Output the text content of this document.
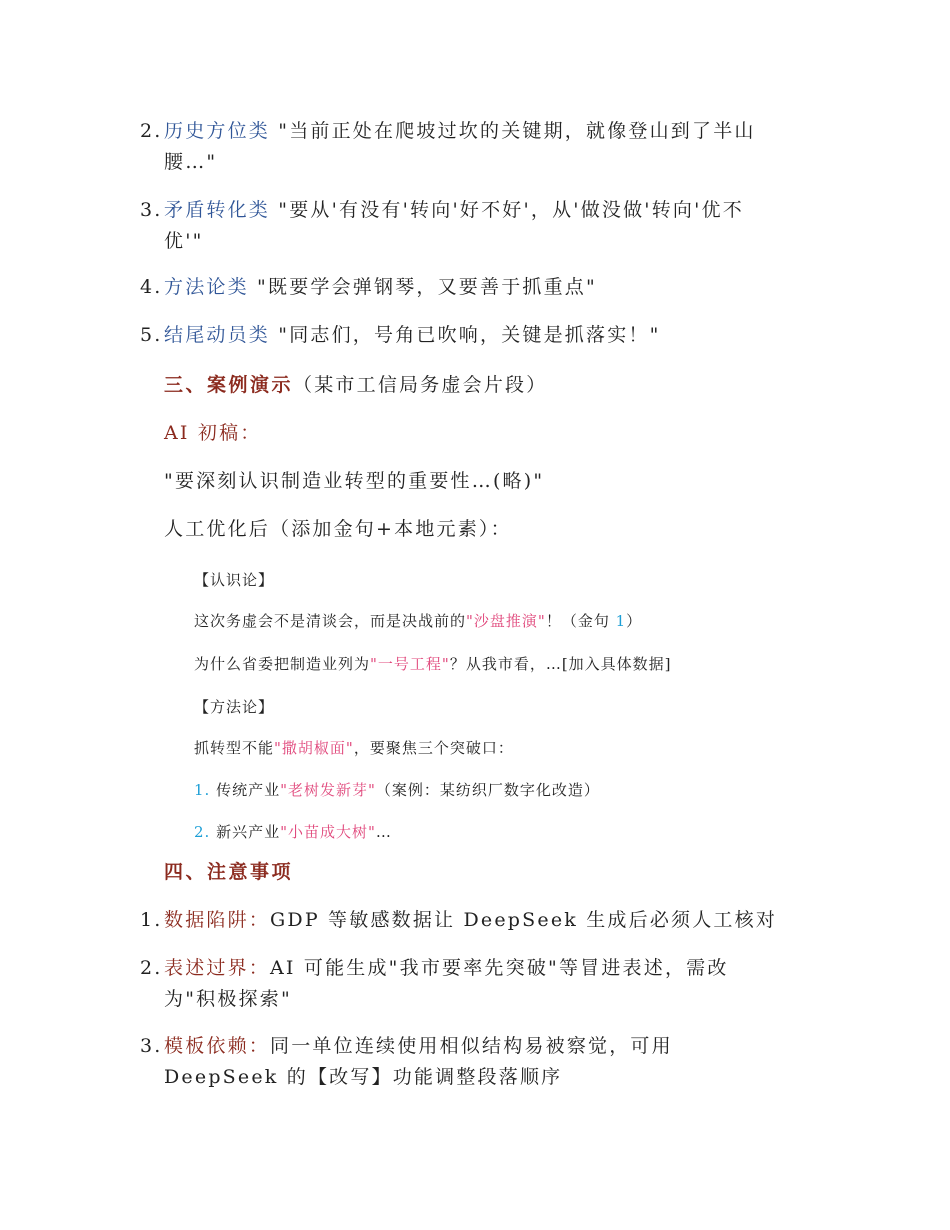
2. 历史方位类 "当前正处在爬坡过坎的关键期，就像登山到了半山
腰…"
3. 矛盾转化类 "要从'有没有'转向'好不好'，从'做没做'转向'优不
优'"
4. 方法论类 "既要学会弹钢琴，又要善于抓重点"
5. 结尾动员类 "同志们，号角已吹响，关键是抓落实！"
三、案例演示（某市工信局务虚会片段）
AI 初稿：
"要深刻认识制造业转型的重要性…(略)"
人工优化后（添加金句+本地元素）：
【认识论】
这次务虚会不是清谈会，而是决战前的"沙盘推演"！（金句 1）
为什么省委把制造业列为"一号工程"？从我市看，…[加入具体数据]
【方法论】
抓转型不能"撒胡椒面"，要聚焦三个突破口：
1. 传统产业"老树发新芽"（案例：某纺织厂数字化改造）
2. 新兴产业"小苗成大树"…
四、注意事项
1. 数据陷阱：GDP 等敏感数据让 DeepSeek 生成后必须人工核对
2. 表述过界：AI 可能生成"我市要率先突破"等冒进表述，需改
为"积极探索"
3. 模板依赖：同一单位连续使用相似结构易被察觉，可用
DeepSeek 的【改写】功能调整段落顺序
